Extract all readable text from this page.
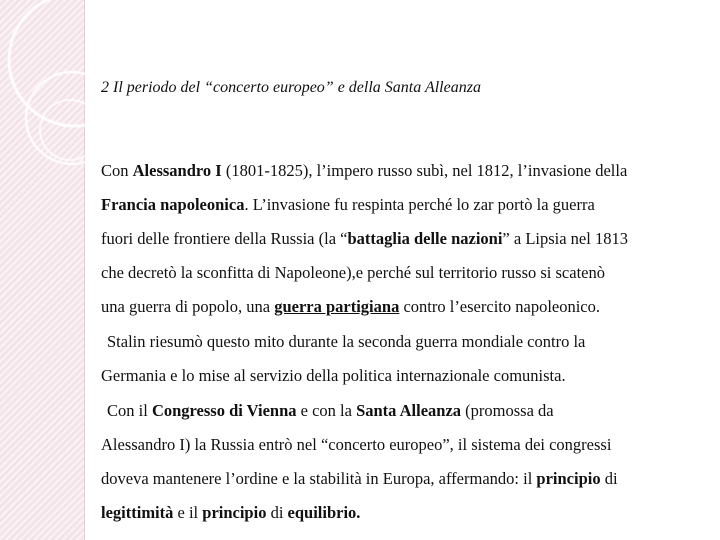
2 Il periodo del “concerto europeo” e della Santa Alleanza
Con Alessandro I (1801-1825), l’impero russo subì, nel 1812, l’invasione della
Francia napoleonica. L’invasione fu respinta perché lo zar portò la guerra
fuori delle frontiere della Russia (la “battaglia delle nazioni” a Lipsia nel 1813
che decretò la sconfitta di Napoleone),e perché sul territorio russo si scatenò
una guerra di popolo, una guerra partigiana contro l’esercito napoleonico.
Stalin riesumò questo mito durante la seconda guerra mondiale contro la
Germania e lo mise al servizio della politica internazionale comunista.
Con il Congresso di Vienna e con la Santa Alleanza (promossa da
Alessandro I) la Russia entrò nel “concerto europeo”, il sistema dei congressi
doveva mantenere l’ordine e la stabilità in Europa, affermando: il principio di
legittimità e il principio di equilibrio.
